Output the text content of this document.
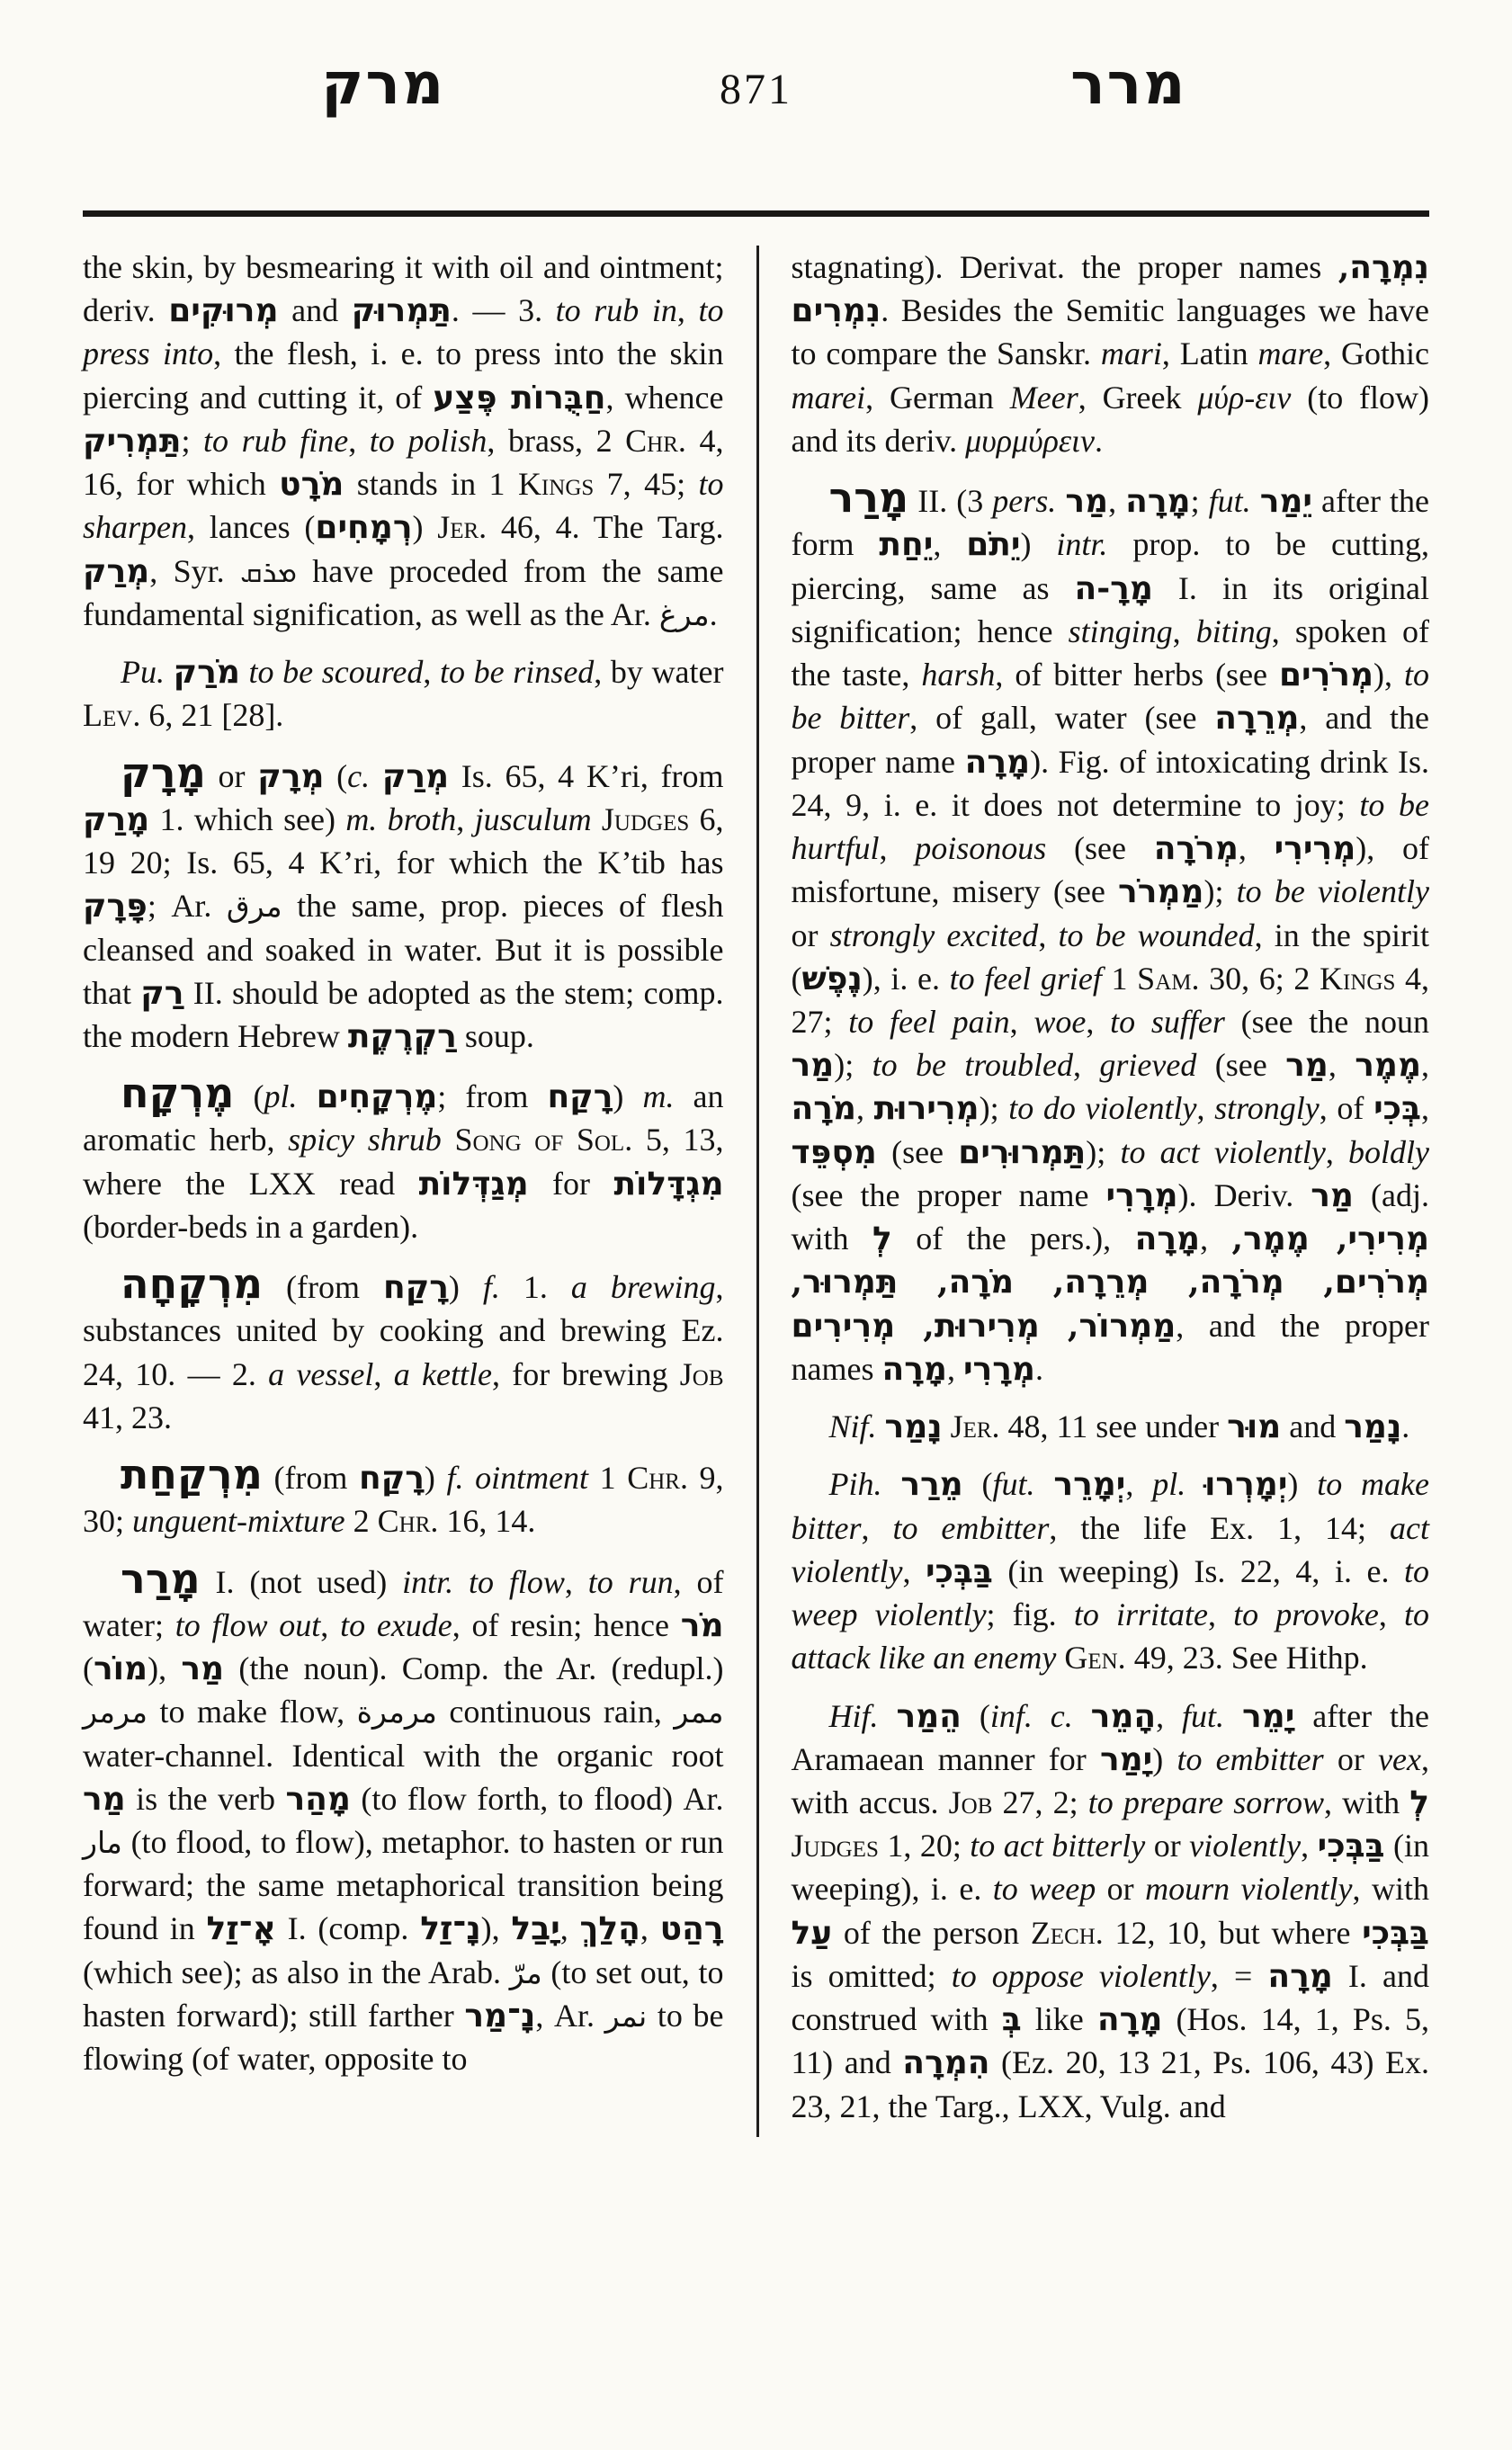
מרק	871	מרר

the skin, by besmearing it with oil and ointment; deriv. מְרוּקִים and תַּמְרוּק. — 3. to rub in, to press into, the flesh, i. e. to press into the skin piercing and cutting it, of חַבֻּרוֹת פֶּצַע, whence תַּמְרִיק; to rub fine, to polish, brass, 2 Chr. 4, 16, for which מֹרָט stands in 1 Kings 7, 45; to sharpen, lances (רְמָחִים) Jer. 46, 4. The Targ. מְרַק, Syr. ܡܪܩ have proceded from the same fundamental signification, as well as the Ar. مرغ.

Pu. מֹרַק to be scoured, to be rinsed, by water Lev. 6, 21 [28].

מָרָק or מְרָק (c. מְרַק Is. 65, 4 K’ri, from מָרַק 1. which see) m. broth, jusculum Judges 6, 19 20; Is. 65, 4 K’ri, for which the K’tib has פָּרָק; Ar. مرق the same, prop. pieces of flesh cleansed and soaked in water. But it is possible that רַק II. should be adopted as the stem; comp. the modern Hebrew רַקְרֶקֶת soup.

מֶרְקָח (pl. מֶרְקָחִים; from רָקַח) m. an aromatic herb, spicy shrub Song of Sol. 5, 13, where the LXX read מְגַדְּלוֹת for מִגְדָּלוֹת (border-beds in a garden).

מִרְקָחָה (from רָקַח) f. 1. a brewing, substances united by cooking and brewing Ez. 24, 10. — 2. a vessel, a kettle, for brewing Job 41, 23.

מִרְקַחַת (from רָקַח) f. ointment 1 Chr. 9, 30; unguent-mixture 2 Chr. 16, 14.

מָרַר I. (not used) intr. to flow, to run, of water; to flow out, to exude, of resin; hence מֹר (מוֹר), מַר (the noun). Comp. the Ar. (redupl.) مرمر to make flow, مرمرة continuous rain, ممر water-channel. Identical with the organic root מַר is the verb מָהַר (to flow forth, to flood) Ar. مار (to flood, to flow), metaphor. to hasten or run forward; the same metaphorical transition being found in אָ־זַל I. (comp. נָ־זַל), יָבַל, הָלַךְ, רָהַט (which see); as also in the Arab. مرّ (to set out, to hasten forward); still farther נָ־מַר, Ar. نمر to be flowing (of water, opposite to

stagnating). Derivat. the proper names נִמְרָה, נִמְרִים. Besides the Semitic languages we have to compare the Sanskr. mari, Latin mare, Gothic marei, German Meer, Greek μύρ-ειν (to flow) and its deriv. μυρμύρειν.

מָרַר II. (3 pers. מַר, מָרָה; fut. יֵמַר after the form יֵחַת, יֵתֹם) intr. prop. to be cutting, piercing, same as מָרָ-ה I. in its original signification; hence stinging, biting, spoken of the taste, harsh, of bitter herbs (see מְרֹרִים), to be bitter, of gall, water (see מְרֵרָה, and the proper name מָרָה). Fig. of intoxicating drink Is. 24, 9, i. e. it does not determine to joy; to be hurtful, poisonous (see מְרֹרָה, מְרִירִי), of misfortune, misery (see מַמְרֹר); to be violently or strongly excited, to be wounded, in the spirit (נֶפֶשׁ), i. e. to feel grief 1 Sam. 30, 6; 2 Kings 4, 27; to feel pain, woe, to suffer (see the noun מַר); to be troubled, grieved (see מַר, מֶמֶר, מֹרָה, מְרִירוּת); to do violently, strongly, of בְּכִי, מִסְפֵּד (see תַּמְרוּרִים); to act violently, boldly (see the proper name מְרָרִי). Deriv. מַר (adj. with לְ of the pers.), מָרָה, מְרִירִי, מֶמֶר, מְרֹרִים, מְרֹרָה, מְרֵרָה, מֹרָה, תַּמְרוּר, מַמְרוֹר, מְרִירוּת, מְרִירִים, and the proper names מָרָה, מְרָרִי.

Nif. נָמַר Jer. 48, 11 see under מוּר and נָמַר.

Pih. מֵרַר (fut. יְמָרֵר, pl. יְמָרְרוּ) to make bitter, to embitter, the life Ex. 1, 14; act violently, בַּבְּכִי (in weeping) Is. 22, 4, i. e. to weep violently; fig. to irritate, to provoke, to attack like an enemy Gen. 49, 23. See Hithp.

Hif. הֵמַר (inf. c. הָמֵר, fut. יָמֵר after the Aramaean manner for יָמַר) to embitter or vex, with accus. Job 27, 2; to prepare sorrow, with לְ Judges 1, 20; to act bitterly or violently, בַּבְּכִי (in weeping), i. e. to weep or mourn violently, with עַל of the person Zech. 12, 10, but where בַּבְּכִי is omitted; to oppose violently, = מָרָה I. and construed with בְּ like מָרָה (Hos. 14, 1, Ps. 5, 11) and הִמְרָה (Ez. 20, 13 21, Ps. 106, 43) Ex. 23, 21, the Targ., LXX, Vulg. and
